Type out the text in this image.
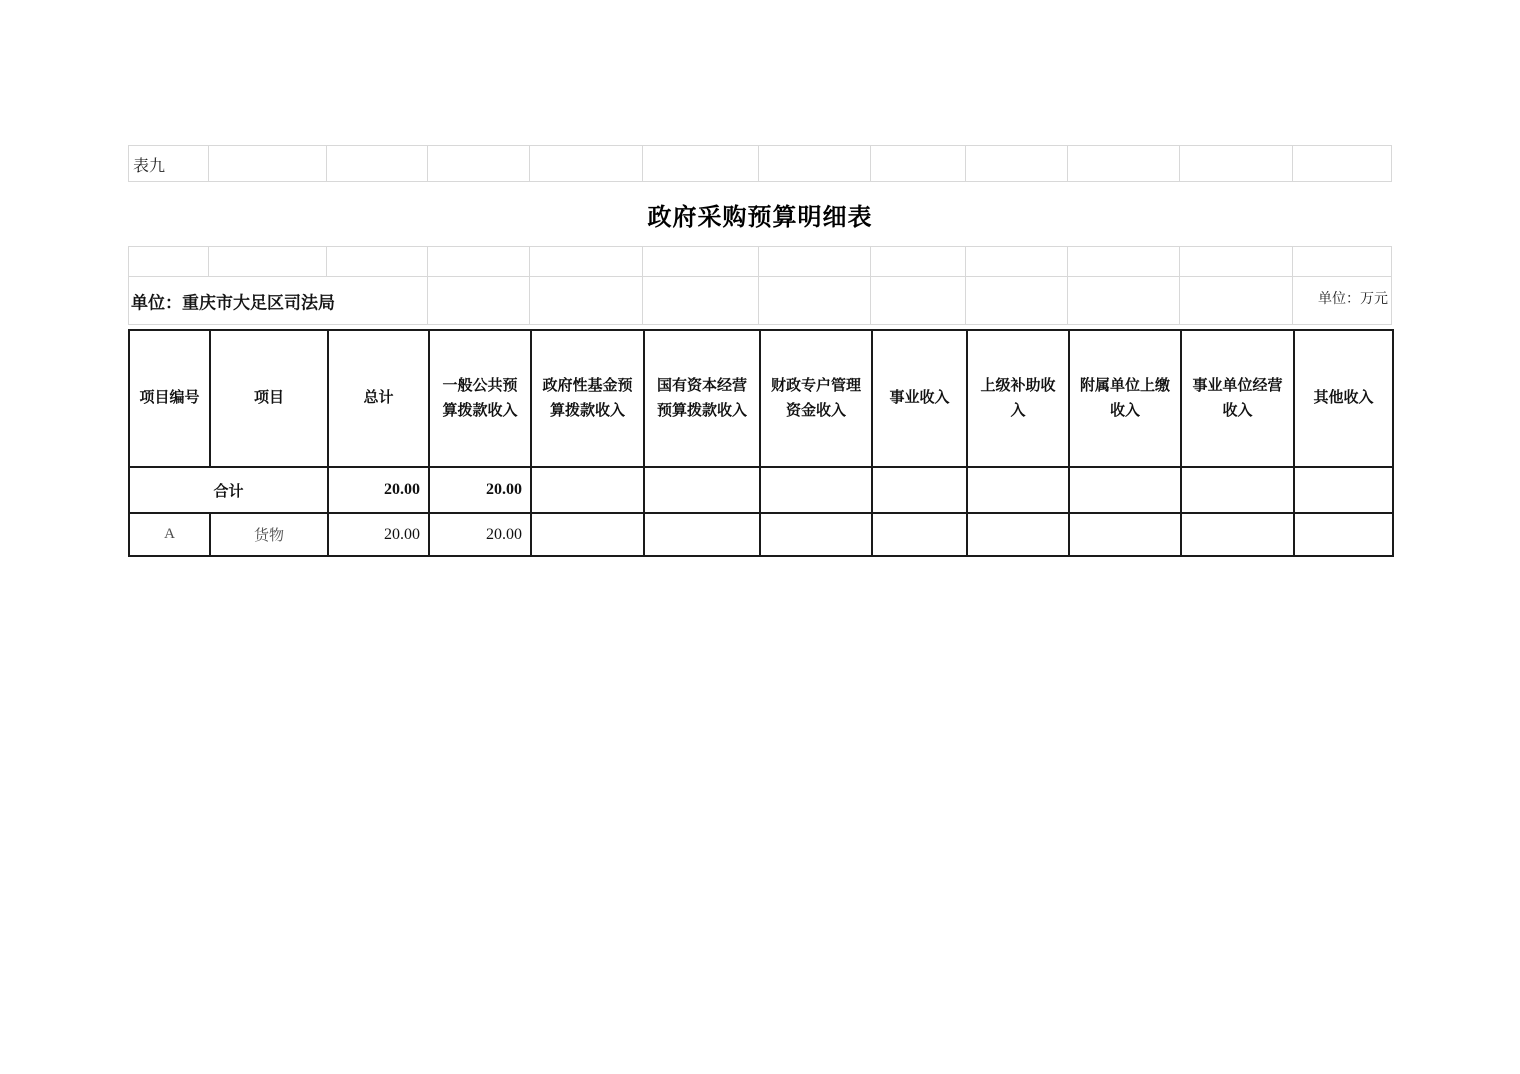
表九
政府采购预算明细表
单位：重庆市大足区司法局	单位：万元
项目编号	项目	总计	一般公共预算拨款收入	政府性基金预算拨款收入	国有资本经营预算拨款收入	财政专户管理资金收入	事业收入	上级补助收入	附属单位上缴收入	事业单位经营收入	其他收入
合计		20.00	20.00								
A	货物	20.00	20.00								
